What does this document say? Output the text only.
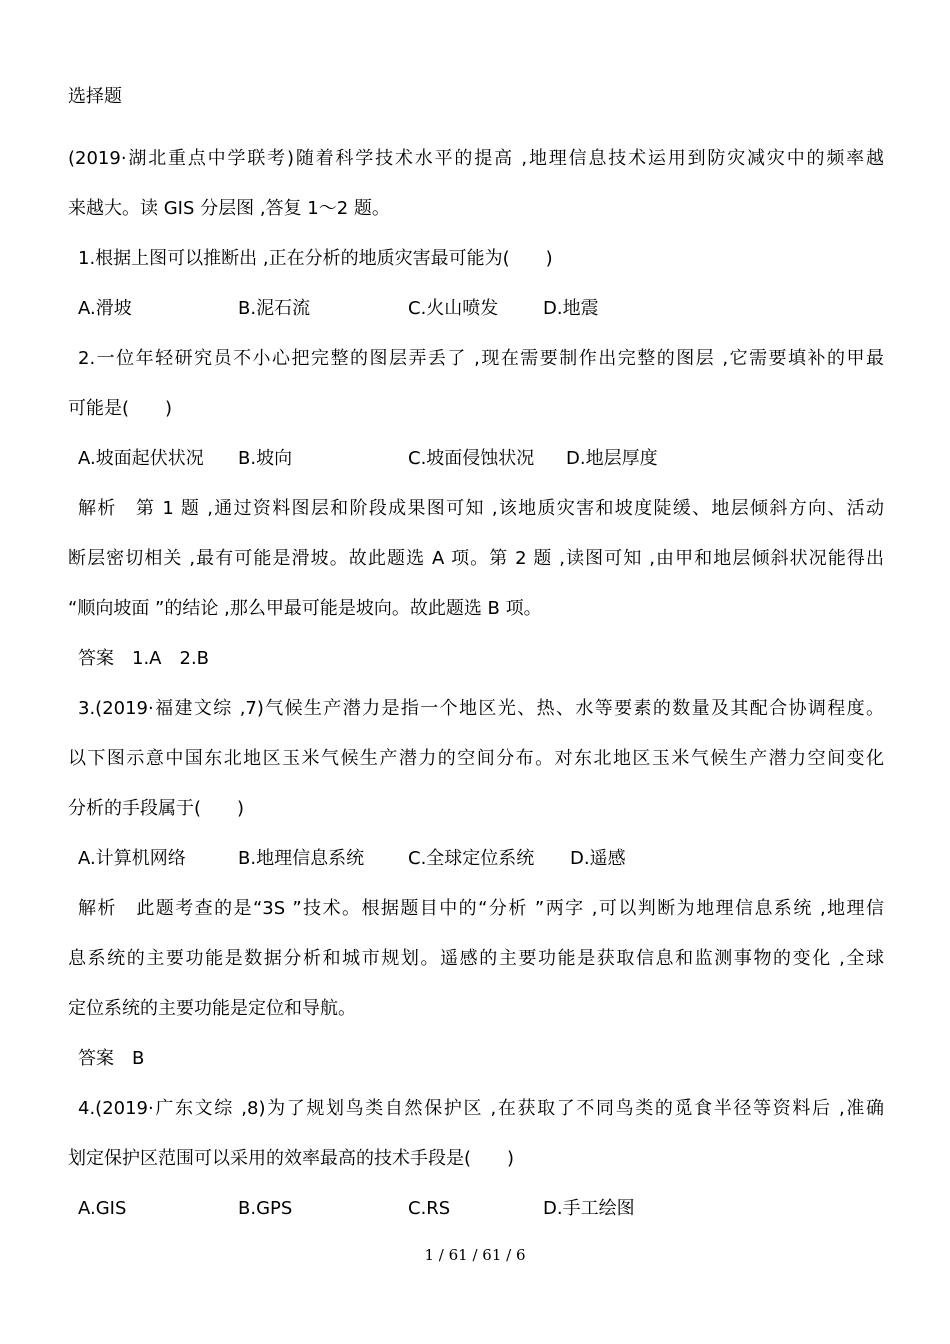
选择题

(2019·湖北重点中学联考)随着科学技术水平的提高 ,地理信息技术运用到防灾减灾中的频率越

来越大。读 GIS 分层图 ,答复 1～2 题。

1.根据上图可以推断出 ,正在分析的地质灾害最可能为(　　)

A.滑坡	B.泥石流	C.火山喷发 D.地震

2.一位年轻研究员不小心把完整的图层弄丢了 ,现在需要制作出完整的图层 ,它需要填补的甲最

可能是(　　)

A.坡面起伏状况 B.坡向	C.坡面侵蚀状况 D.地层厚度

解析　第 1 题 ,通过资料图层和阶段成果图可知 ,该地质灾害和坡度陡缓、地层倾斜方向、活动

断层密切相关 ,最有可能是滑坡。故此题选 A 项。第 2 题 ,读图可知 ,由甲和地层倾斜状况能得出

“顺向坡面 ”的结论 ,那么甲最可能是坡向。故此题选 B 项。

答案　1.A　2.B

3.(2019·福建文综 ,7)气候生产潜力是指一个地区光、热、水等要素的数量及其配合协调程度。

以下图示意中国东北地区玉米气候生产潜力的空间分布。对东北地区玉米气候生产潜力空间变化

分析的手段属于(　　)

A.计算机网络	B.地理信息系统 C.全球定位系统 D.遥感

解析　此题考查的是“3S ”技术。根据题目中的“分析 ”两字 ,可以判断为地理信息系统 ,地理信

息系统的主要功能是数据分析和城市规划。遥感的主要功能是获取信息和监测事物的变化 ,全球

定位系统的主要功能是定位和导航。

答案　B

4.(2019·广东文综 ,8)为了规划鸟类自然保护区 ,在获取了不同鸟类的觅食半径等资料后 ,准确

划定保护区范围可以采用的效率最高的技术手段是(　　)

A.GIS	B.GPS	C.RS	D.手工绘图
1 / 61 / 61 / 6
